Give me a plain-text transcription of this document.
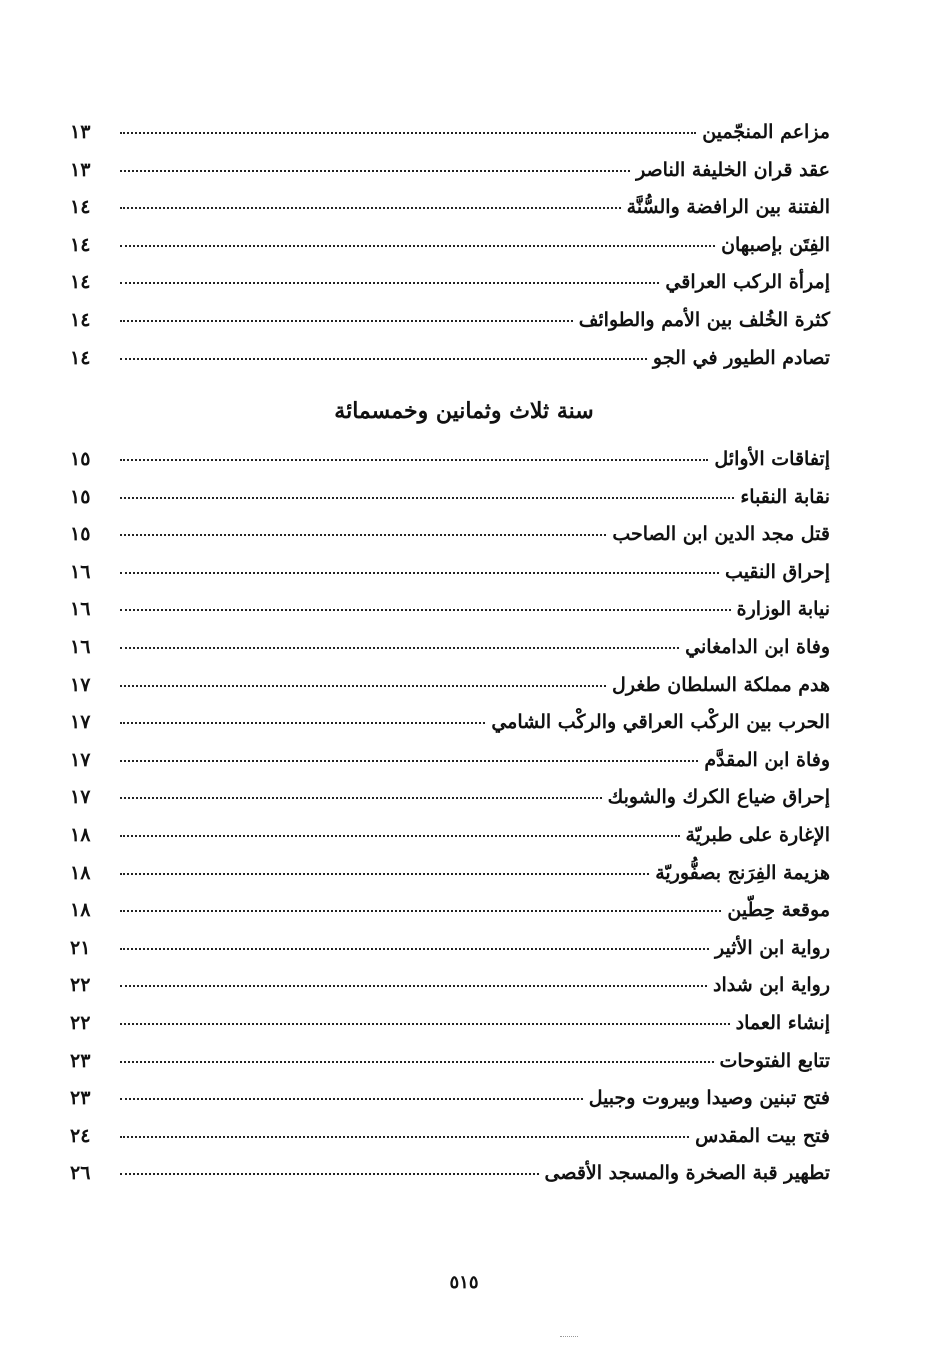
مزاعم المنجّمين
١٣
عقد قران الخليفة الناصر
١٣
الفتنة بين الرافضة والسُّنَّة
١٤
الفِتَن بإصبهان
١٤
إمرأة الركب العراقي
١٤
كثرة الخُلف بين الأمم والطوائف
١٤
تصادم الطيور في الجو
١٤
سنة ثلاث وثمانين وخمسمائة
إتفاقات الأوائل
١٥
نقابة النقباء
١٥
قتل مجد الدين ابن الصاحب
١٥
إحراق النقيب
١٦
نيابة الوزارة
١٦
وفاة ابن الدامغاني
١٦
هدم مملكة السلطان طغرل
١٧
الحرب بين الركْب العراقي والركْب الشامي
١٧
وفاة ابن المقدَّم
١٧
إحراق ضياع الكرك والشوبك
١٧
الإغارة على طبريّة
١٨
هزيمة الفِرَنج بصفُّوريّة
١٨
موقعة حِطّين
١٨
رواية ابن الأثير
٢١
رواية ابن شداد
٢٢
إنشاء العماد
٢٢
تتابع الفتوحات
٢٣
فتح تبنين وصيدا وبيروت وجبيل
٢٣
فتح بيت المقدس
٢٤
تطهير قبة الصخرة والمسجد الأقصى
٢٦
٥١٥
